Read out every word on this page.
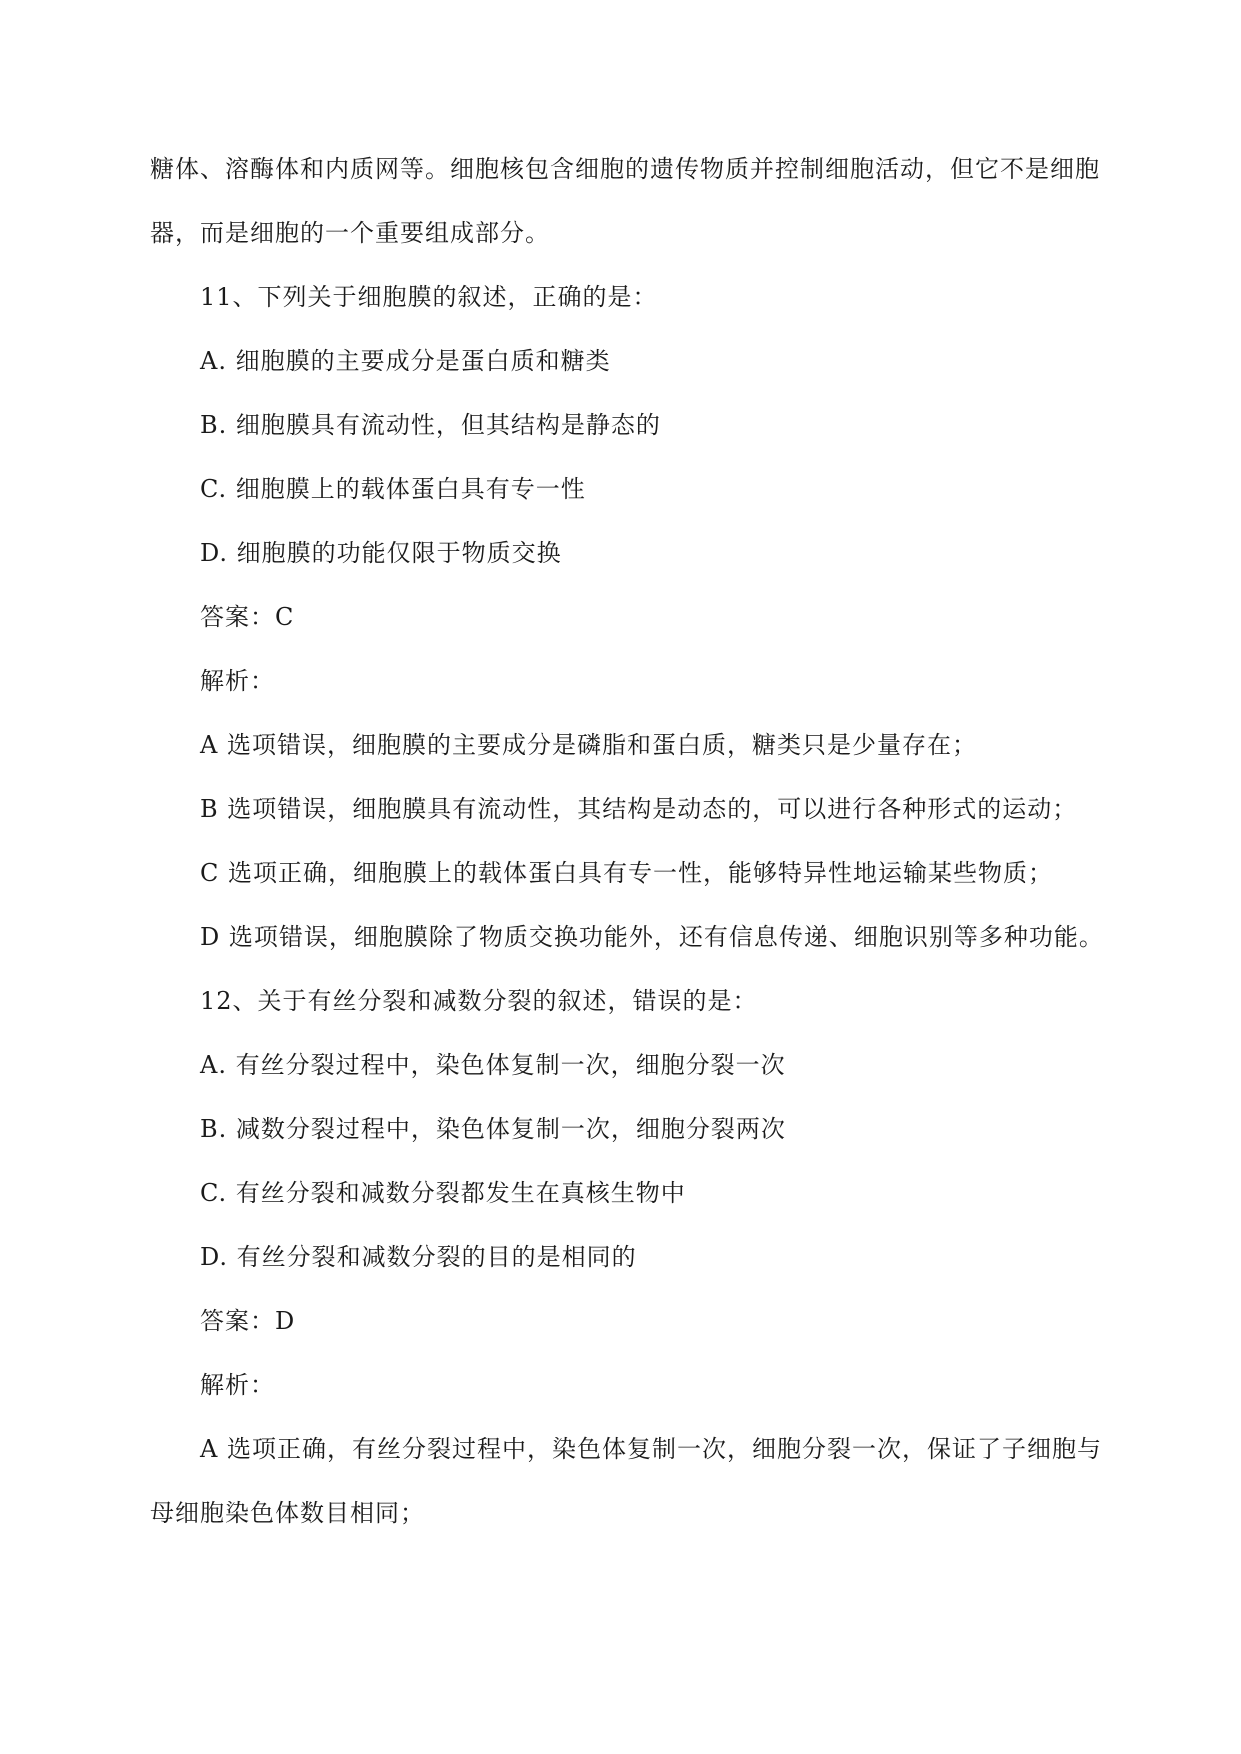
糖体、溶酶体和内质网等。细胞核包含细胞的遗传物质并控制细胞活动，但它不是细胞
器，而是细胞的一个重要组成部分。
11、下列关于细胞膜的叙述，正确的是：
A. 细胞膜的主要成分是蛋白质和糖类
B. 细胞膜具有流动性，但其结构是静态的
C. 细胞膜上的载体蛋白具有专一性
D. 细胞膜的功能仅限于物质交换
答案：C
解析：
A 选项错误，细胞膜的主要成分是磷脂和蛋白质，糖类只是少量存在；
B 选项错误，细胞膜具有流动性，其结构是动态的，可以进行各种形式的运动；
C 选项正确，细胞膜上的载体蛋白具有专一性，能够特异性地运输某些物质；
D 选项错误，细胞膜除了物质交换功能外，还有信息传递、细胞识别等多种功能。
12、关于有丝分裂和减数分裂的叙述，错误的是：
A. 有丝分裂过程中，染色体复制一次，细胞分裂一次
B. 减数分裂过程中，染色体复制一次，细胞分裂两次
C. 有丝分裂和减数分裂都发生在真核生物中
D. 有丝分裂和减数分裂的目的是相同的
答案：D
解析：
A 选项正确，有丝分裂过程中，染色体复制一次，细胞分裂一次，保证了子细胞与
母细胞染色体数目相同；
